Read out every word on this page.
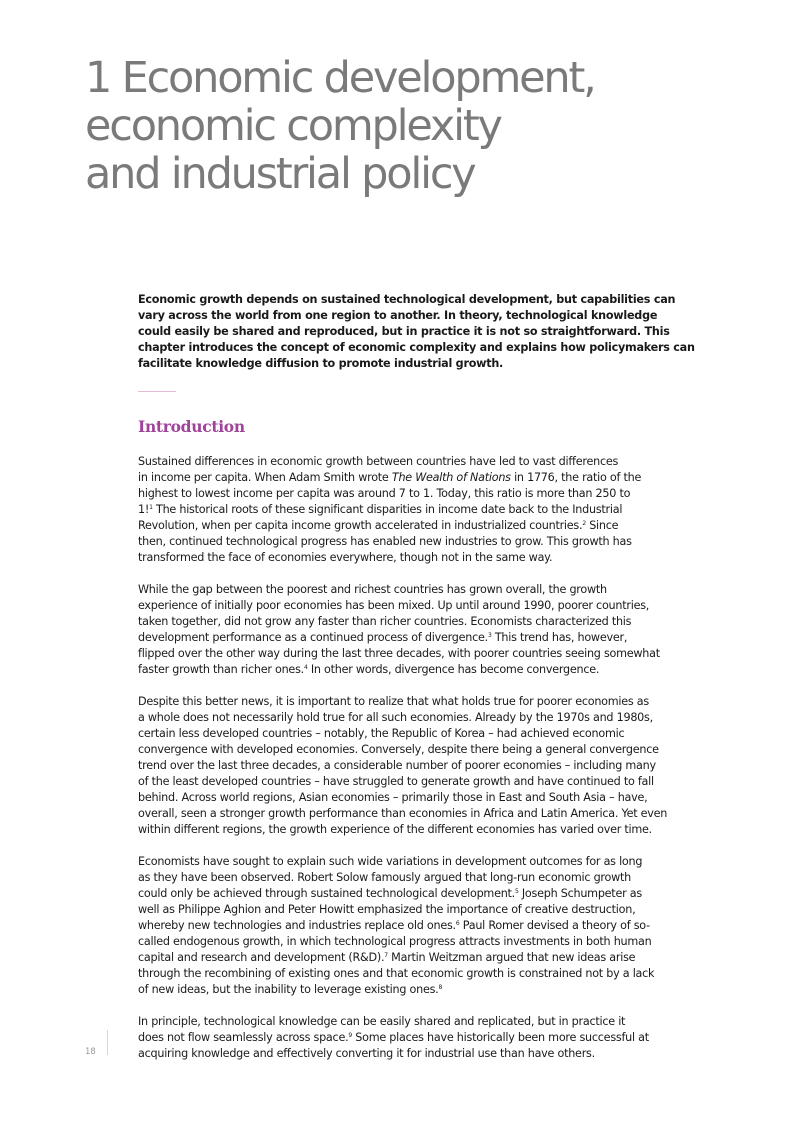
1 Economic development,
economic complexity
and industrial policy

Economic growth depends on sustained technological development, but capabilities can
vary across the world from one region to another. In theory, technological knowledge
could easily be shared and reproduced, but in practice it is not so straightforward. This
chapter introduces the concept of economic complexity and explains how policymakers can
facilitate knowledge diffusion to promote industrial growth.

Introduction

Sustained differences in economic growth between countries have led to vast differences
in income per capita. When Adam Smith wrote The Wealth of Nations in 1776, the ratio of the
highest to lowest income per capita was around 7 to 1. Today, this ratio is more than 250 to
1!$^1$ The historical roots of these significant disparities in income date back to the Industrial
Revolution, when per capita income growth accelerated in industrialized countries.$^2$ Since
then, continued technological progress has enabled new industries to grow. This growth has
transformed the face of economies everywhere, though not in the same way.

While the gap between the poorest and richest countries has grown overall, the growth
experience of initially poor economies has been mixed. Up until around 1990, poorer countries,
taken together, did not grow any faster than richer countries. Economists characterized this
development performance as a continued process of divergence.$^3$ This trend has, however,
flipped over the other way during the last three decades, with poorer countries seeing somewhat
faster growth than richer ones.$^4$ In other words, divergence has become convergence.

Despite this better news, it is important to realize that what holds true for poorer economies as
a whole does not necessarily hold true for all such economies. Already by the 1970s and 1980s,
certain less developed countries – notably, the Republic of Korea – had achieved economic
convergence with developed economies. Conversely, despite there being a general convergence
trend over the last three decades, a considerable number of poorer economies – including many
of the least developed countries – have struggled to generate growth and have continued to fall
behind. Across world regions, Asian economies – primarily those in East and South Asia – have,
overall, seen a stronger growth performance than economies in Africa and Latin America. Yet even
within different regions, the growth experience of the different economies has varied over time.

Economists have sought to explain such wide variations in development outcomes for as long
as they have been observed. Robert Solow famously argued that long-run economic growth
could only be achieved through sustained technological development.$^5$ Joseph Schumpeter as
well as Philippe Aghion and Peter Howitt emphasized the importance of creative destruction,
whereby new technologies and industries replace old ones.$^6$ Paul Romer devised a theory of so-
called endogenous growth, in which technological progress attracts investments in both human
capital and research and development (R&D).$^7$ Martin Weitzman argued that new ideas arise
through the recombining of existing ones and that economic growth is constrained not by a lack
of new ideas, but the inability to leverage existing ones.$^8$

In principle, technological knowledge can be easily shared and replicated, but in practice it
does not flow seamlessly across space.$^9$ Some places have historically been more successful at
acquiring knowledge and effectively converting it for industrial use than have others.

18
